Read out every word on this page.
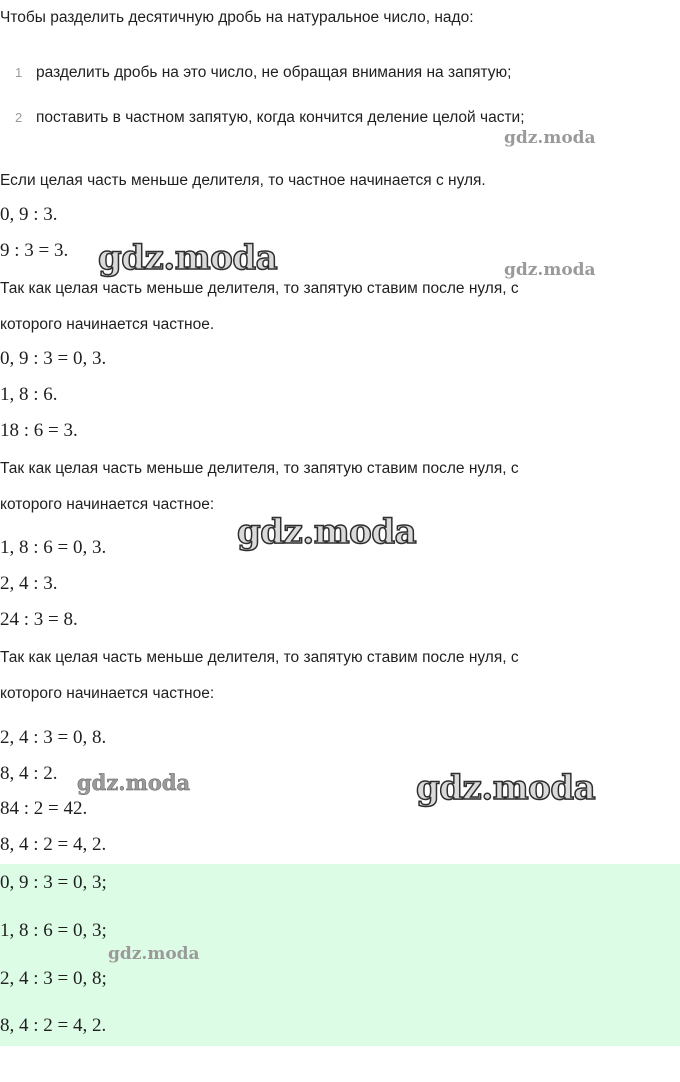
Чтобы разделить десятичную дробь на натуральное число, надо:
1 разделить дробь на это число, не обращая внимания на запятую;
2 поставить в частном запятую, когда кончится деление целой части;
Если целая часть меньше делителя, то частное начинается с нуля.
0, 9 : 3.
9 : 3 = 3.
Так как целая часть меньше делителя, то запятую ставим после нуля, с
которого начинается частное.
0, 9 : 3 = 0, 3.
1, 8 : 6.
18 : 6 = 3.
Так как целая часть меньше делителя, то запятую ставим после нуля, с
которого начинается частное:
1, 8 : 6 = 0, 3.
2, 4 : 3.
24 : 3 = 8.
Так как целая часть меньше делителя, то запятую ставим после нуля, с
которого начинается частное:
2, 4 : 3 = 0, 8.
8, 4 : 2.
84 : 2 = 42.
8, 4 : 2 = 4, 2.
0, 9 : 3 = 0, 3;
1, 8 : 6 = 0, 3;
2, 4 : 3 = 0, 8;
8, 4 : 2 = 4, 2.
gdz.moda
gdz.moda	gdz.moda
gdz.moda
gdz.moda	gdz.moda
gdz.moda
